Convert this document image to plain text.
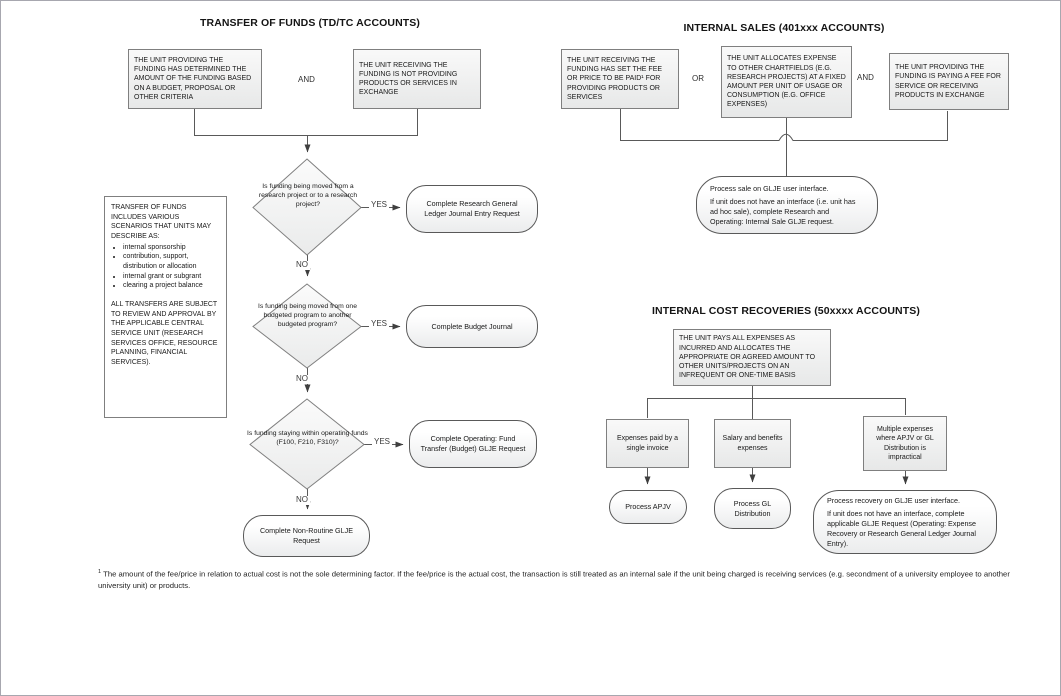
TRANSFER OF FUNDS (TD/TC ACCOUNTS)
THE UNIT PROVIDING THE FUNDING HAS DETERMINED THE AMOUNT OF THE FUNDING BASED ON A BUDGET, PROPOSAL OR OTHER CRITERIA
AND
THE UNIT RECEIVING THE FUNDING IS NOT PROVIDING PRODUCTS OR SERVICES IN EXCHANGE

TRANSFER OF FUNDS INCLUDES VARIOUS SCENARIOS THAT UNITS MAY DESCRIBE AS:

• internal sponsorship
• contribution, support, distribution or allocation
• internal grant or subgrant
• clearing a project balance

ALL TRANSFERS ARE SUBJECT TO REVIEW AND APPROVAL BY THE APPLICABLE CENTRAL SERVICE UNIT (RESEARCH SERVICES OFFICE, RESOURCE PLANNING, FINANCIAL SERVICES).

Is funding being moved from a research project or to a research project?	YES	Complete Research General Ledger Journal Entry Request
NO
Is funding being moved from one budgeted program to another budgeted program?	YES	Complete Budget Journal
NO
Is funding staying within operating funds (F100, F210, F310)?	YES	Complete Operating: Fund Transfer (Budget) GLJE Request
NO
Complete Non-Routine GLJE Request
INTERNAL SALES (401xxx ACCOUNTS)
THE UNIT RECEIVING THE FUNDING HAS SET THE FEE OR PRICE TO BE PAID¹ FOR PROVIDING PRODUCTS OR SERVICES
OR
THE UNIT ALLOCATES EXPENSE TO OTHER CHARTFIELDS (E.G. RESEARCH PROJECTS) AT A FIXED AMOUNT PER UNIT OF USAGE OR CONSUMPTION (E.G. OFFICE EXPENSES)
AND
THE UNIT PROVIDING THE FUNDING IS PAYING A FEE FOR SERVICE OR RECEIVING PRODUCTS IN EXCHANGE

Process sale on GLJE user interface.

If unit does not have an interface (i.e. unit has ad hoc sale), complete Research and Operating: Internal Sale GLJE request.

INTERNAL COST RECOVERIES (50xxxx ACCOUNTS)
THE UNIT PAYS ALL EXPENSES AS INCURRED AND ALLOCATES THE APPROPRIATE OR AGREED AMOUNT TO OTHER UNITS/PROJECTS ON AN INFREQUENT OR ONE-TIME BASIS
Expenses paid by a single invoice
Salary and benefits expenses
Multiple expenses where APJV or GL Distribution is impractical
Process APJV	Process GL Distribution

Process recovery on GLJE user interface.

If unit does not have an interface, complete applicable GLJE Request (Operating: Expense Recovery or Research General Ledger Journal Entry).

$^1$ The amount of the fee/price in relation to actual cost is not the sole determining factor. If the fee/price is the actual cost, the transaction is still treated as an internal sale if the unit being charged is receiving services (e.g. secondment of a university employee to another university unit) or products.
